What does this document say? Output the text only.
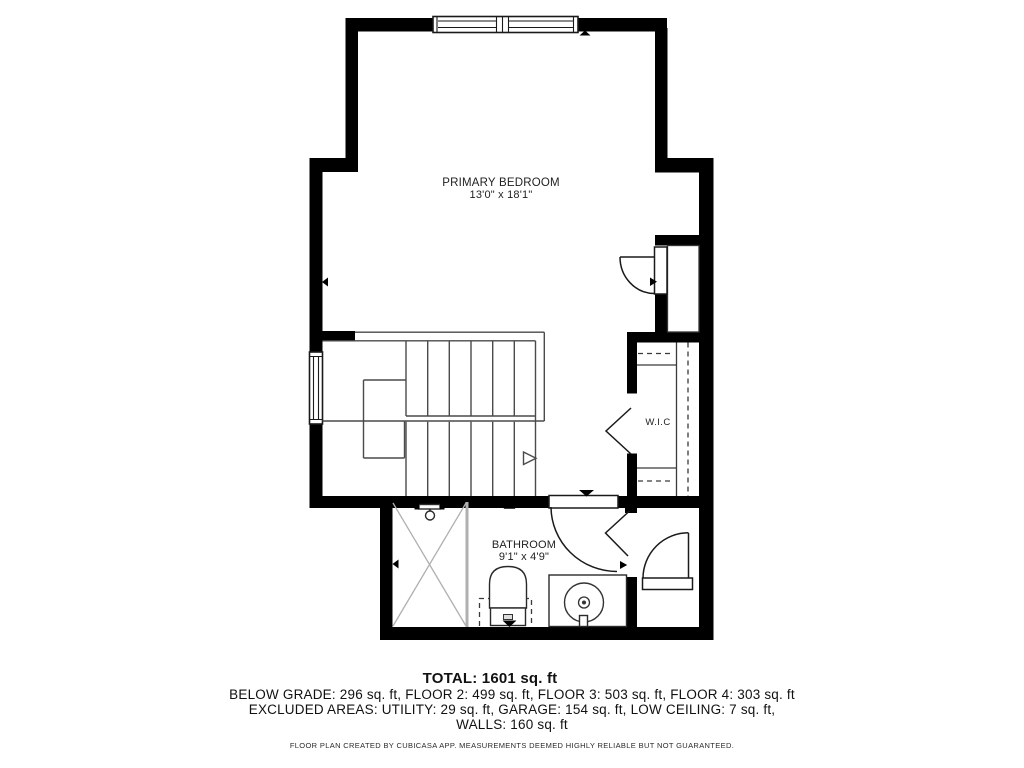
PRIMARY BEDROOM
13'0" x 18'1"
W.I.C
BATHROOM
9'1" x 4'9"
TOTAL: 1601 sq. ft
BELOW GRADE: 296 sq. ft, FLOOR 2: 499 sq. ft, FLOOR 3: 503 sq. ft, FLOOR 4: 303 sq. ft
EXCLUDED AREAS: UTILITY: 29 sq. ft, GARAGE: 154 sq. ft, LOW CEILING: 7 sq. ft,
WALLS: 160 sq. ft
FLOOR PLAN CREATED BY CUBICASA APP. MEASUREMENTS DEEMED HIGHLY RELIABLE BUT NOT GUARANTEED.
